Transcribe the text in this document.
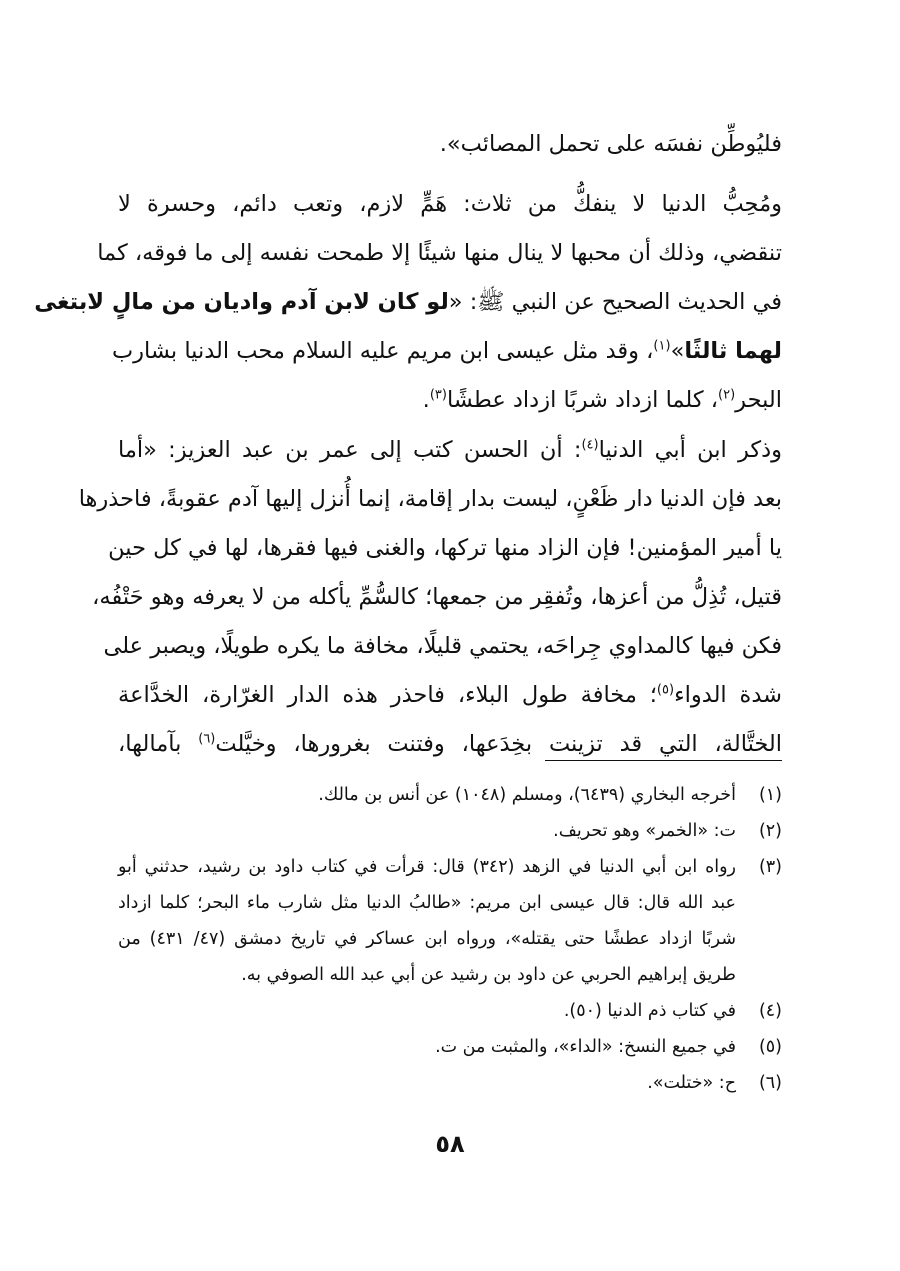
فليُوطِّن نفسَه على تحمل المصائب».
ومُحِبُّ الدنيا لا ينفكُّ من ثلاث: هَمٍّ لازم، وتعب دائم، وحسرة لا
تنقضي، وذلك أن محبها لا ينال منها شيئًا إلا طمحت نفسه إلى ما فوقه، كما
في الحديث الصحيح عن النبي ﷺ: «لو كان لابن آدم واديان من مالٍ لابتغى
لهما ثالثًا»$^{(١)}$، وقد مثل عيسى ابن مريم عليه السلام محب الدنيا بشارب
البحر$^{(٢)}$، كلما ازداد شربًا ازداد عطشًا$^{(٣)}$.
وذكر ابن أبي الدنيا$^{(٤)}$: أن الحسن كتب إلى عمر بن عبد العزيز: «أما
بعد فإن الدنيا دار ظَعْنٍ، ليست بدار إقامة، إنما أُنزل إليها آدم عقوبةً، فاحذرها
يا أمير المؤمنين! فإن الزاد منها تركها، والغنى فيها فقرها، لها في كل حين
قتيل، تُذِلُّ من أعزها، وتُفقِر من جمعها؛ كالسُّمِّ يأكله من لا يعرفه وهو حَتْفُه،
فكن فيها كالمداوي جِراحَه، يحتمي قليلًا، مخافة ما يكره طويلًا، ويصبر على
شدة الدواء$^{(٥)}$؛ مخافة طول البلاء، فاحذر هذه الدار الغرّارة، الخدَّاعة
الختَّالة، التي قد تزينت بخِدَعها، وفتنت بغرورها، وخيَّلت$^{(٦)}$ بآمالها،
(١)
أخرجه البخاري (٦٤٣٩)، ومسلم (١٠٤٨) عن أنس بن مالك.
(٢)
ت: «الخمر» وهو تحريف.
(٣)
رواه ابن أبي الدنيا في الزهد (٣٤٢) قال: قرأت في كتاب داود بن رشيد، حدثني أبو
عبد الله قال: قال عيسى ابن مريم: «طالبُ الدنيا مثل شارب ماء البحر؛ كلما ازداد
شربًا ازداد عطشًا حتى يقتله»، ورواه ابن عساكر في تاريخ دمشق (٤٧/ ٤٣١) من
طريق إبراهيم الحربي عن داود بن رشيد عن أبي عبد الله الصوفي به.
(٤)
في كتاب ذم الدنيا (٥٠).
(٥)
في جميع النسخ: «الداء»، والمثبت من ت.
(٦)
ح: «ختلت».
٥٨
